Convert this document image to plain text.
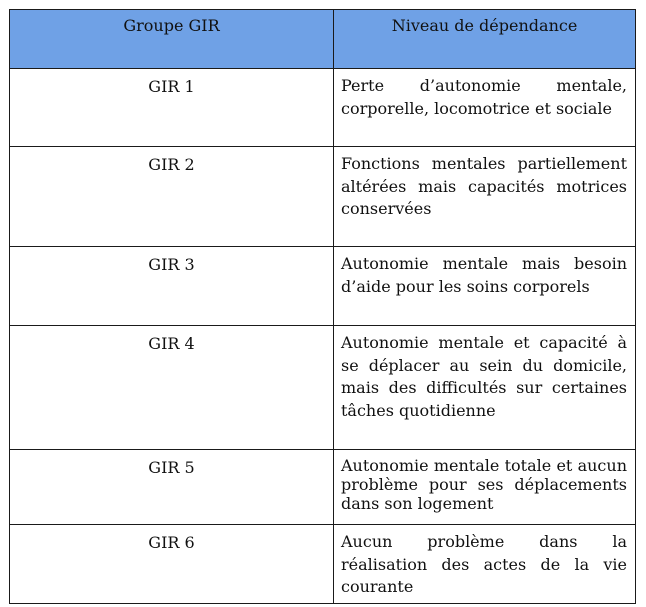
Groupe GIR	Niveau de dépendance
GIR 1	Perte d’autonomie mentale, corporelle, locomotrice et sociale
GIR 2	Fonctions mentales partiellement altérées mais capacités motrices conservées
GIR 3	Autonomie mentale mais besoin d’aide pour les soins corporels
GIR 4	Autonomie mentale et capacité à se déplacer au sein du domicile, mais des difficultés sur certaines tâches quotidienne
GIR 5	Autonomie mentale totale et aucun problème pour ses déplacements dans son logement
GIR 6	Aucun problème dans la réalisation des actes de la vie courante
